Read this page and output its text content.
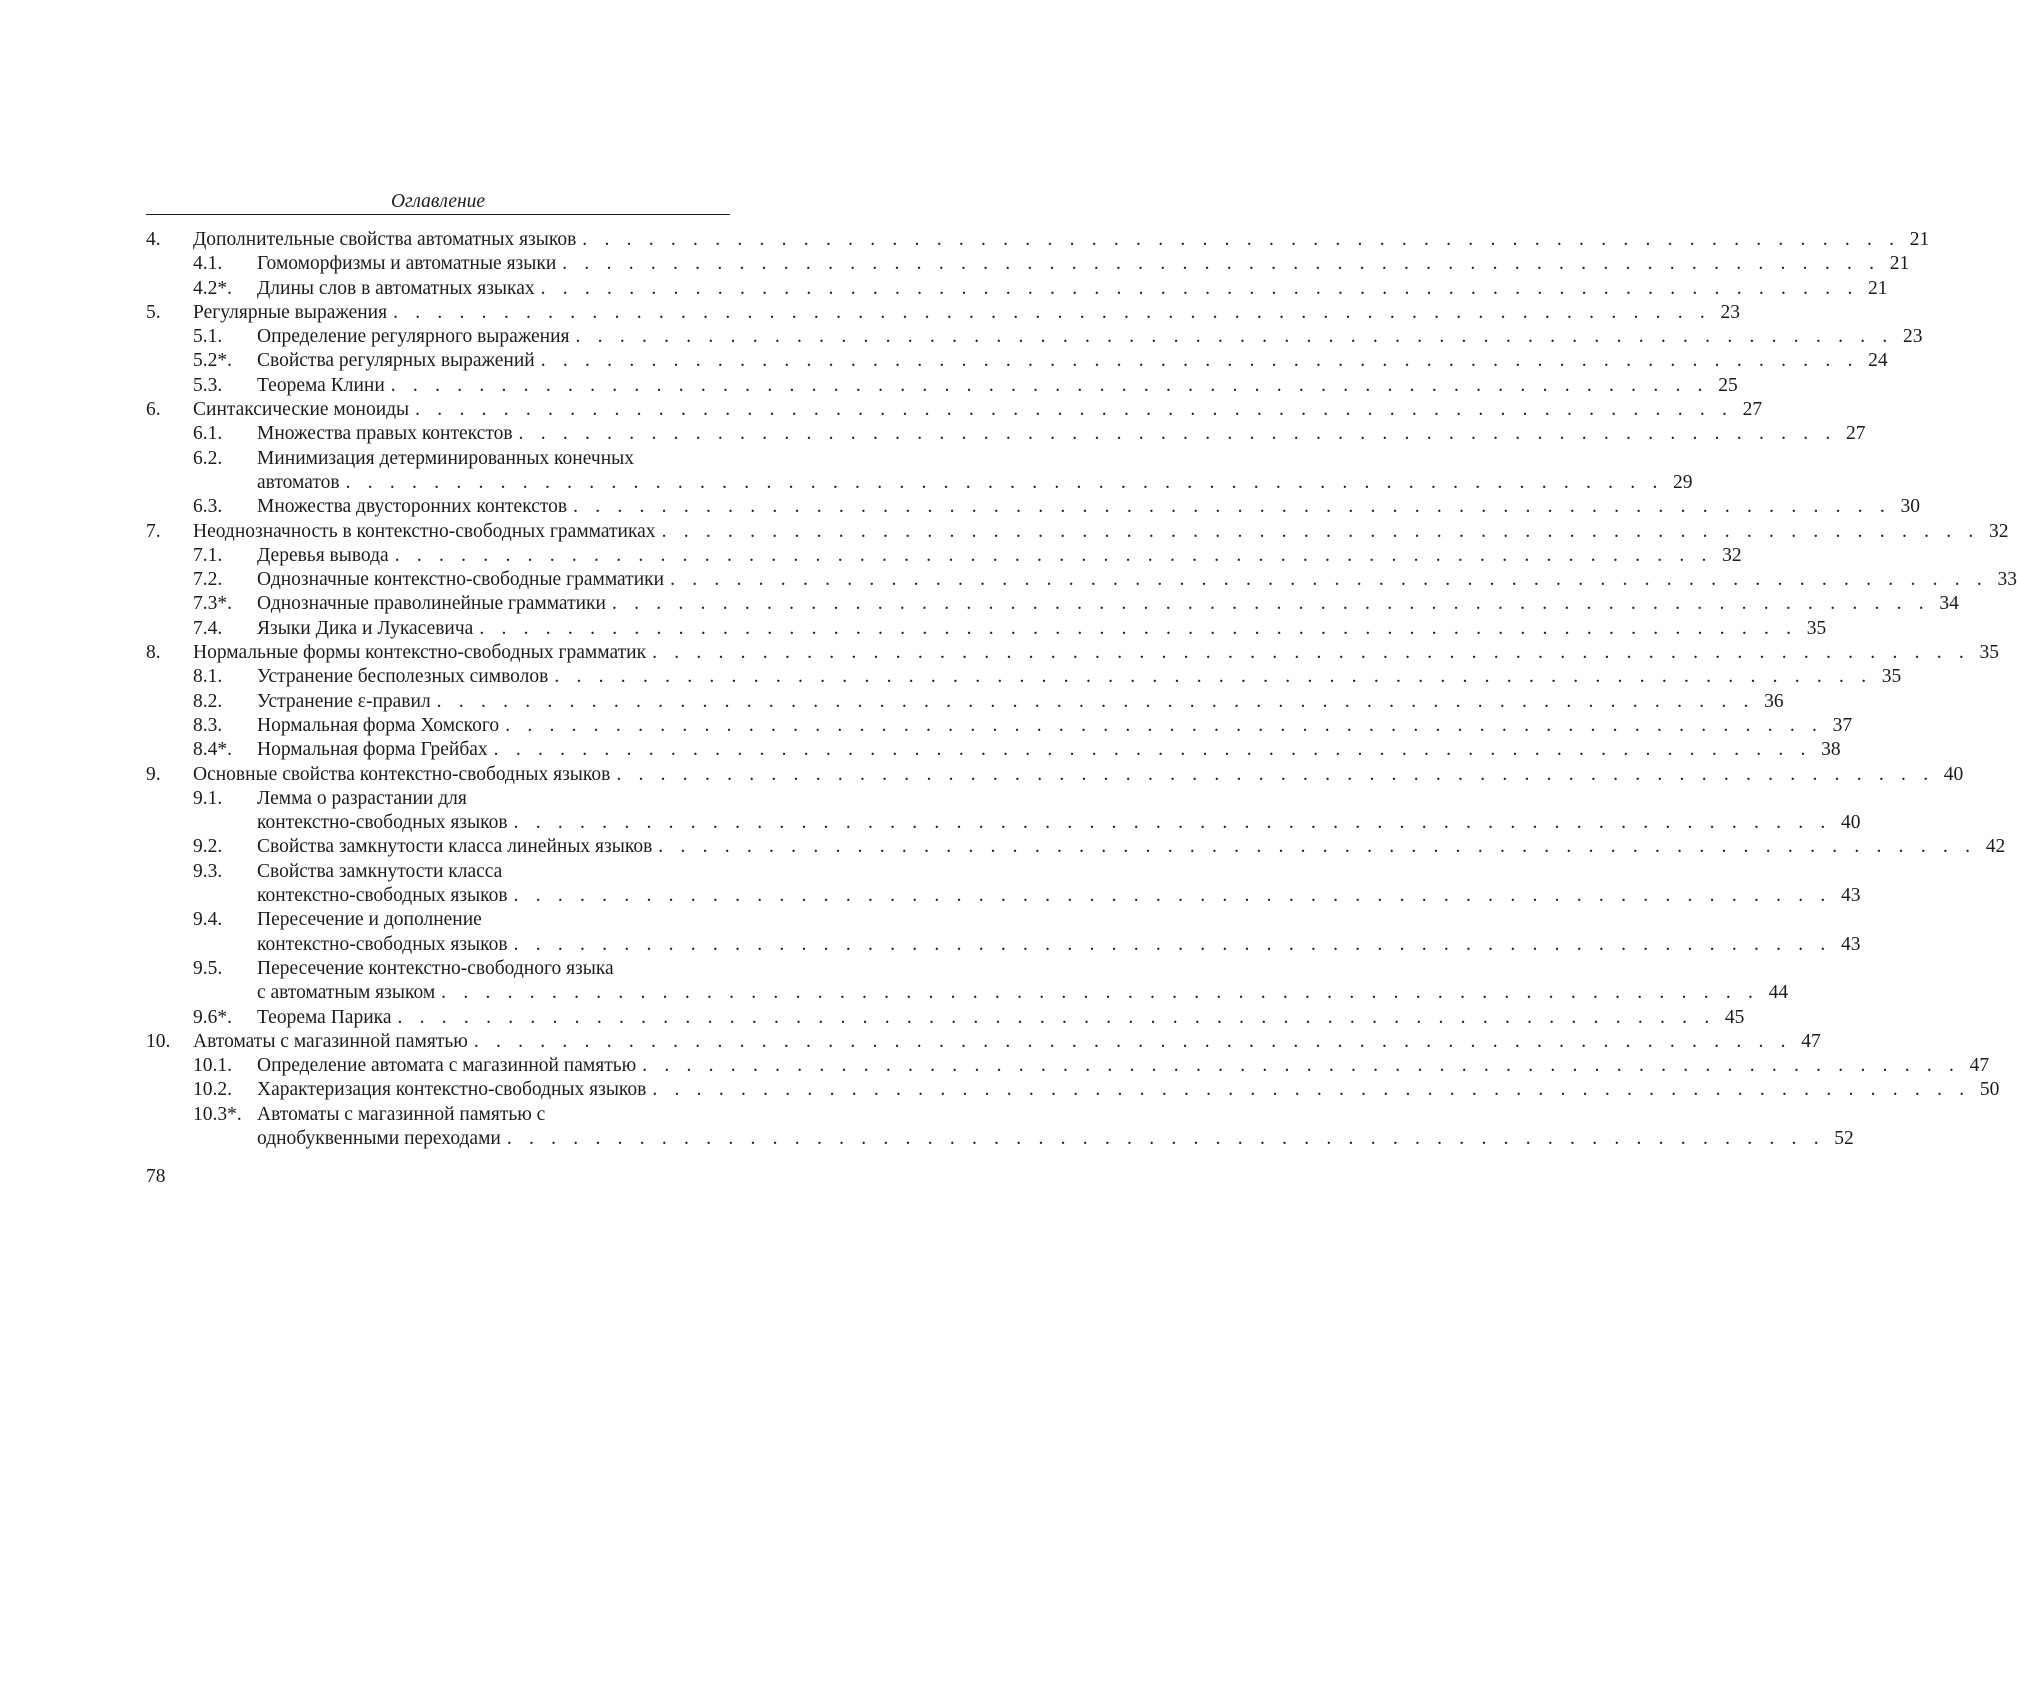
Оглавление
4. Дополнительные свойства автоматных языков . . . . . . . . . . . . . . . . . . . . . . . . . . . . . . . . . . . . . . . . . . . . . . . . . . . . . . . . . . . . 21
4.1. Гомоморфизмы и автоматные языки . . . . . . . . . . . . . . . . . . . . . . . . . . . . . . . . . . . . . . . . . . . . . . . . . . . . . . . . . . . . 21
4.2*. Длины слов в автоматных языках . . . . . . . . . . . . . . . . . . . . . . . . . . . . . . . . . . . . . . . . . . . . . . . . . . . . . . . . . . . . 21
5. Регулярные выражения . . . . . . . . . . . . . . . . . . . . . . . . . . . . . . . . . . . . . . . . . . . . . . . . . . . . . . . . . . . . 23
5.1. Определение регулярного выражения . . . . . . . . . . . . . . . . . . . . . . . . . . . . . . . . . . . . . . . . . . . . . . . . . . . . . . . . . . . . 23
5.2*. Свойства регулярных выражений . . . . . . . . . . . . . . . . . . . . . . . . . . . . . . . . . . . . . . . . . . . . . . . . . . . . . . . . . . . . 24
5.3. Теорема Клини . . . . . . . . . . . . . . . . . . . . . . . . . . . . . . . . . . . . . . . . . . . . . . . . . . . . . . . . . . . . 25
6. Синтаксические моноиды . . . . . . . . . . . . . . . . . . . . . . . . . . . . . . . . . . . . . . . . . . . . . . . . . . . . . . . . . . . . 27
6.1. Множества правых контекстов . . . . . . . . . . . . . . . . . . . . . . . . . . . . . . . . . . . . . . . . . . . . . . . . . . . . . . . . . . . . 27
6.2. Минимизация детерминированных конечных
автоматов . . . . . . . . . . . . . . . . . . . . . . . . . . . . . . . . . . . . . . . . . . . . . . . . . . . . . . . . . . . . 29
6.3. Множества двусторонних контекстов . . . . . . . . . . . . . . . . . . . . . . . . . . . . . . . . . . . . . . . . . . . . . . . . . . . . . . . . . . . . 30
7. Неоднозначность в контекстно-свободных грамматиках . . . . . . . . . . . . . . . . . . . . . . . . . . . . . . . . . . . . . . . . . . . . . . . . . . . . . . . . . . . . 32
7.1. Деревья вывода . . . . . . . . . . . . . . . . . . . . . . . . . . . . . . . . . . . . . . . . . . . . . . . . . . . . . . . . . . . . 32
7.2. Однозначные контекстно-свободные грамматики . . . . . . . . . . . . . . . . . . . . . . . . . . . . . . . . . . . . . . . . . . . . . . . . . . . . . . . . . . . . 33
7.3*. Однозначные праволинейные грамматики . . . . . . . . . . . . . . . . . . . . . . . . . . . . . . . . . . . . . . . . . . . . . . . . . . . . . . . . . . . . 34
7.4. Языки Дика и Лукасевича . . . . . . . . . . . . . . . . . . . . . . . . . . . . . . . . . . . . . . . . . . . . . . . . . . . . . . . . . . . . 35
8. Нормальные формы контекстно-свободных грамматик . . . . . . . . . . . . . . . . . . . . . . . . . . . . . . . . . . . . . . . . . . . . . . . . . . . . . . . . . . . . 35
8.1. Устранение бесполезных символов . . . . . . . . . . . . . . . . . . . . . . . . . . . . . . . . . . . . . . . . . . . . . . . . . . . . . . . . . . . . 35
8.2. Устранение ε-правил . . . . . . . . . . . . . . . . . . . . . . . . . . . . . . . . . . . . . . . . . . . . . . . . . . . . . . . . . . . . 36
8.3. Нормальная форма Хомского . . . . . . . . . . . . . . . . . . . . . . . . . . . . . . . . . . . . . . . . . . . . . . . . . . . . . . . . . . . . 37
8.4*. Нормальная форма Грейбах . . . . . . . . . . . . . . . . . . . . . . . . . . . . . . . . . . . . . . . . . . . . . . . . . . . . . . . . . . . . 38
9. Основные свойства контекстно-свободных языков . . . . . . . . . . . . . . . . . . . . . . . . . . . . . . . . . . . . . . . . . . . . . . . . . . . . . . . . . . . . 40
9.1. Лемма о разрастании для
контекстно-свободных языков . . . . . . . . . . . . . . . . . . . . . . . . . . . . . . . . . . . . . . . . . . . . . . . . . . . . . . . . . . . . 40
9.2. Свойства замкнутости класса линейных языков . . . . . . . . . . . . . . . . . . . . . . . . . . . . . . . . . . . . . . . . . . . . . . . . . . . . . . . . . . . . 42
9.3. Свойства замкнутости класса
контекстно-свободных языков . . . . . . . . . . . . . . . . . . . . . . . . . . . . . . . . . . . . . . . . . . . . . . . . . . . . . . . . . . . . 43
9.4. Пересечение и дополнение
контекстно-свободных языков . . . . . . . . . . . . . . . . . . . . . . . . . . . . . . . . . . . . . . . . . . . . . . . . . . . . . . . . . . . . 43
9.5. Пересечение контекстно-свободного языка
с автоматным языком . . . . . . . . . . . . . . . . . . . . . . . . . . . . . . . . . . . . . . . . . . . . . . . . . . . . . . . . . . . . 44
9.6*. Теорема Парика . . . . . . . . . . . . . . . . . . . . . . . . . . . . . . . . . . . . . . . . . . . . . . . . . . . . . . . . . . . . 45
10. Автоматы с магазинной памятью . . . . . . . . . . . . . . . . . . . . . . . . . . . . . . . . . . . . . . . . . . . . . . . . . . . . . . . . . . . . 47
10.1. Определение автомата с магазинной памятью . . . . . . . . . . . . . . . . . . . . . . . . . . . . . . . . . . . . . . . . . . . . . . . . . . . . . . . . . . . . 47
10.2. Характеризация контекстно-свободных языков . . . . . . . . . . . . . . . . . . . . . . . . . . . . . . . . . . . . . . . . . . . . . . . . . . . . . . . . . . . . 50
10.3*. Автоматы с магазинной памятью с
однобуквенными переходами . . . . . . . . . . . . . . . . . . . . . . . . . . . . . . . . . . . . . . . . . . . . . . . . . . . . . . . . . . . . 52
78
